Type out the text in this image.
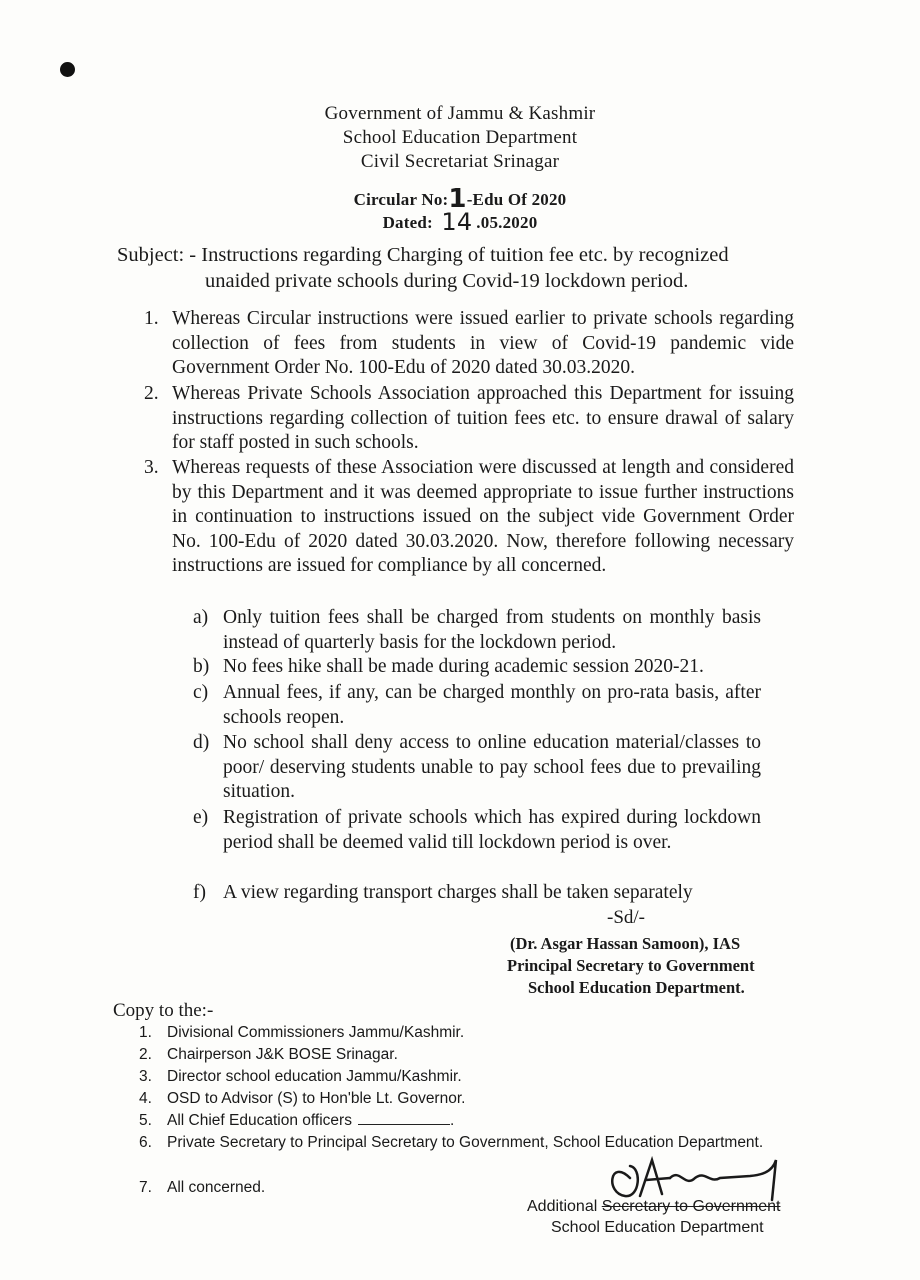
Government of Jammu & Kashmir
School Education Department
Civil Secretariat Srinagar
Circular No:1-Edu Of 2020
Dated: 14 .05.2020
Subject: - Instructions regarding Charging of tuition fee etc. by recognized
unaided private schools during Covid-19 lockdown period.
1. Whereas Circular instructions were issued earlier to private schools regarding collection of fees from students in view of Covid-19 pandemic vide Government Order No. 100-Edu of 2020 dated 30.03.2020.
2. Whereas Private Schools Association approached this Department for issuing instructions regarding collection of tuition fees etc. to ensure drawal of salary for staff posted in such schools.
3. Whereas requests of these Association were discussed at length and considered by this Department and it was deemed appropriate to issue further instructions in continuation to instructions issued on the subject vide Government Order No. 100-Edu of 2020 dated 30.03.2020. Now, therefore following necessary instructions are issued for compliance by all concerned.
a) Only tuition fees shall be charged from students on monthly basis instead of quarterly basis for the lockdown period.
b) No fees hike shall be made during academic session 2020-21.
c) Annual fees, if any, can be charged monthly on pro-rata basis, after schools reopen.
d) No school shall deny access to online education material/classes to poor/ deserving students unable to pay school fees due to prevailing situation.
e) Registration of private schools which has expired during lockdown period shall be deemed valid till lockdown period is over.
f) A view regarding transport charges shall be taken separately
-Sd/-
(Dr. Asgar Hassan Samoon), IAS
Principal Secretary to Government
School Education Department.
Copy to the:-
1. Divisional Commissioners Jammu/Kashmir.
2. Chairperson J&K BOSE Srinagar.
3. Director school education Jammu/Kashmir.
4. OSD to Advisor (S) to Hon'ble Lt. Governor.
5. All Chief Education officers	.
6. Private Secretary to Principal Secretary to Government, School Education Department.
7. All concerned.
Additional Secretary to Government
School Education Department
